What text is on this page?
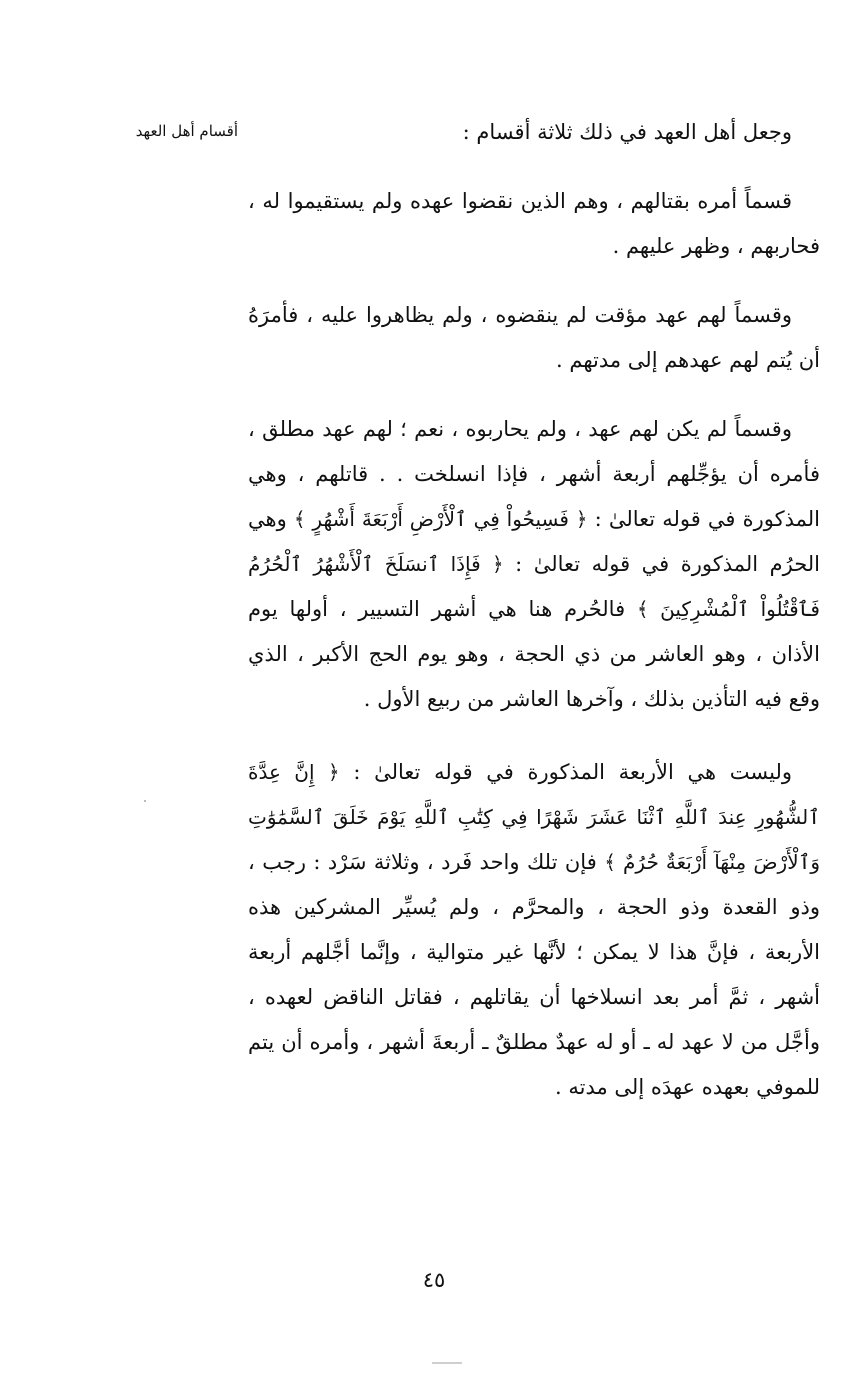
أقسام أهل العهد	وجعل أهل العهد في ذلك ثلاثة أقسام :

قسماً أمره بقتالهم ، وهم الذين نقضوا عهده ولم يستقيموا له ، فحاربهم ، وظهر عليهم .

وقسماً لهم عهد مؤقت لم ينقضوه ، ولم يظاهروا عليه ، فأمرَهُ أن يُتم لهم عهدهم إلى مدتهم .

وقسماً لم يكن لهم عهد ، ولم يحاربوه ، نعم ؛ لهم عهد مطلق ، فأمره أن يؤجِّلهم أربعة أشهر ، فإذا انسلخت . . قاتلهم ، وهي المذكورة في قوله تعالىٰ : ﴿ فَسِيحُواْ فِي ٱلْأَرْضِ أَرْبَعَةَ أَشْهُرٍ ﴾ وهي الحرُم المذكورة في قوله تعالىٰ : ﴿ فَإِذَا ٱنسَلَخَ ٱلْأَشْهُرُ ٱلْحُرُمُ فَٱقْتُلُواْ ٱلْمُشْرِكِينَ ﴾ فالحُرم هنا هي أشهر التسيير ، أولها يوم الأذان ، وهو العاشر من ذي الحجة ، وهو يوم الحج الأكبر ، الذي وقع فيه التأذين بذلك ، وآخرها العاشر من ربيع الأول .

وليست هي الأربعة المذكورة في قوله تعالىٰ : ﴿ إِنَّ عِدَّةَ ٱلشُّهُورِ عِندَ ٱللَّهِ ٱثْنَا عَشَرَ شَهْرًا فِي كِتَٰبِ ٱللَّهِ يَوْمَ خَلَقَ ٱلسَّمَٰوَٰتِ وَٱلْأَرْضَ مِنْهَآ أَرْبَعَةٌ حُرُمٌ ﴾ فإن تلك واحد فَرد ، وثلاثة سَرْد : رجب ، وذو القعدة وذو الحجة ، والمحرَّم ، ولم يُسيِّر المشركين هذه الأربعة ، فإنَّ هذا لا يمكن ؛ لأنَّها غير متوالية ، وإنَّما أجَّلهم أربعة أشهر ، ثمَّ أمر بعد انسلاخها أن يقاتلهم ، فقاتل الناقض لعهده ، وأجَّل من لا عهد له ـ أو له عهدٌ مطلقٌ ـ أربعةَ أشهر ، وأمره أن يتم للموفي بعهده عهدَه إلى مدته .

٤٥
